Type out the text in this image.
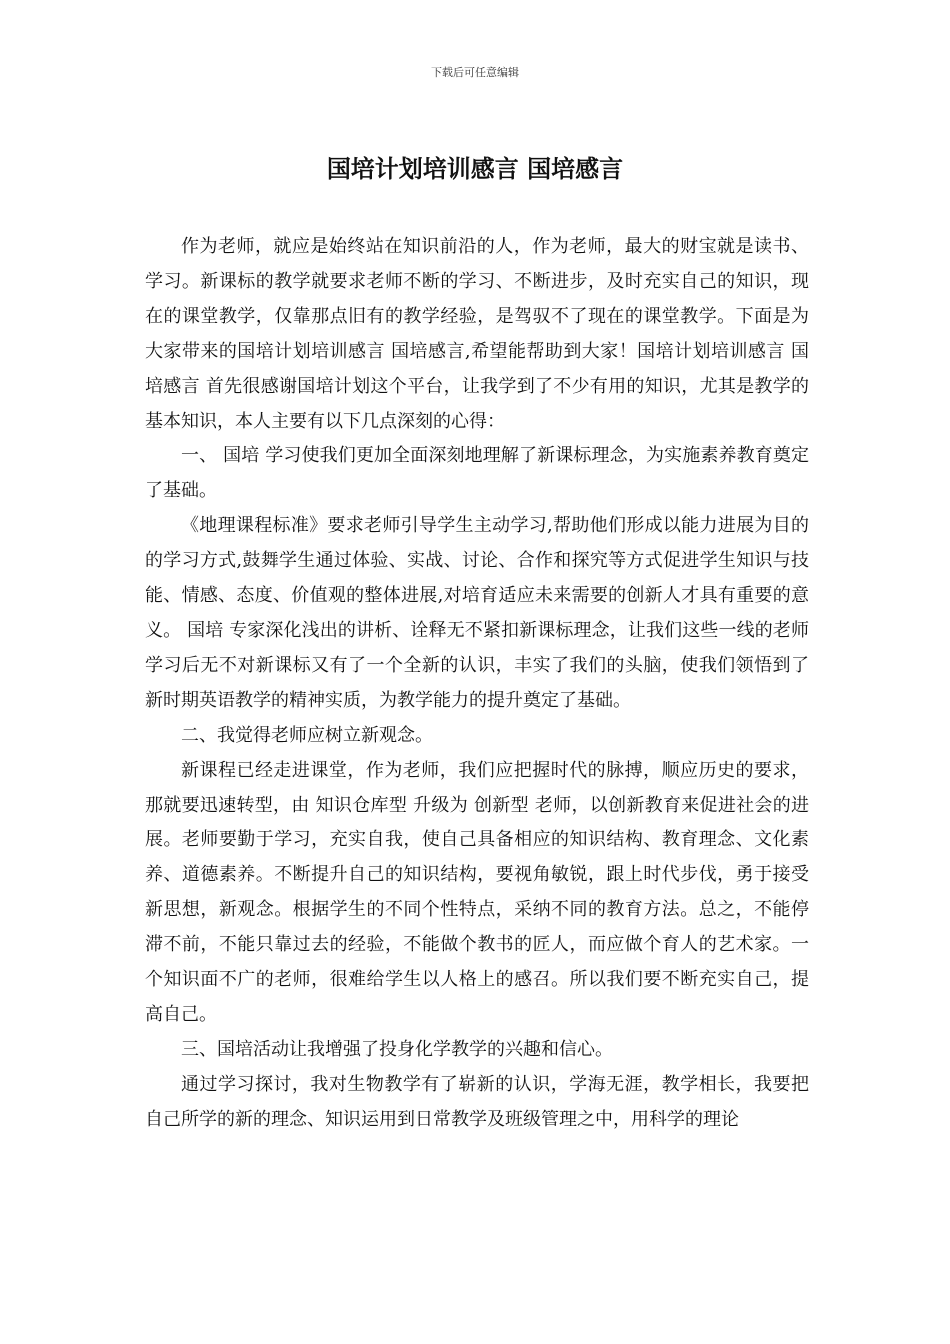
下载后可任意编辑
国培计划培训感言 国培感言

作为老师，就应是始终站在知识前沿的人，作为老师，最大的财宝就是读书、学习。新课标的教学就要求老师不断的学习、不断进步，及时充实自己的知识，现在的课堂教学，仅靠那点旧有的教学经验，是驾驭不了现在的课堂教学。下面是为大家带来的国培计划培训感言 国培感言,希望能帮助到大家！国培计划培训感言 国培感言 首先很感谢国培计划这个平台，让我学到了不少有用的知识，尤其是教学的基本知识，本人主要有以下几点深刻的心得：

一、 国培 学习使我们更加全面深刻地理解了新课标理念，为实施素养教育奠定了基础。

《地理课程标准》要求老师引导学生主动学习,帮助他们形成以能力进展为目的的学习方式,鼓舞学生通过体验、实战、讨论、合作和探究等方式促进学生知识与技能、情感、态度、价值观的整体进展,对培育适应未来需要的创新人才具有重要的意义。 国培 专家深化浅出的讲析、诠释无不紧扣新课标理念，让我们这些一线的老师学习后无不对新课标又有了一个全新的认识，丰实了我们的头脑，使我们领悟到了新时期英语教学的精神实质，为教学能力的提升奠定了基础。

二、我觉得老师应树立新观念。

新课程已经走进课堂，作为老师，我们应把握时代的脉搏，顺应历史的要求，那就要迅速转型，由 知识仓库型 升级为 创新型 老师，以创新教育来促进社会的进展。老师要勤于学习，充实自我，使自己具备相应的知识结构、教育理念、文化素养、道德素养。不断提升自己的知识结构，要视角敏锐，跟上时代步伐，勇于接受新思想，新观念。根据学生的不同个性特点，采纳不同的教育方法。总之，不能停滞不前，不能只靠过去的经验，不能做个教书的匠人，而应做个育人的艺术家。一个知识面不广的老师，很难给学生以人格上的感召。所以我们要不断充实自己，提高自己。

三、国培活动让我增强了投身化学教学的兴趣和信心。

通过学习探讨，我对生物教学有了崭新的认识，学海无涯，教学相长，我要把自己所学的新的理念、知识运用到日常教学及班级管理之中，用科学的理论
